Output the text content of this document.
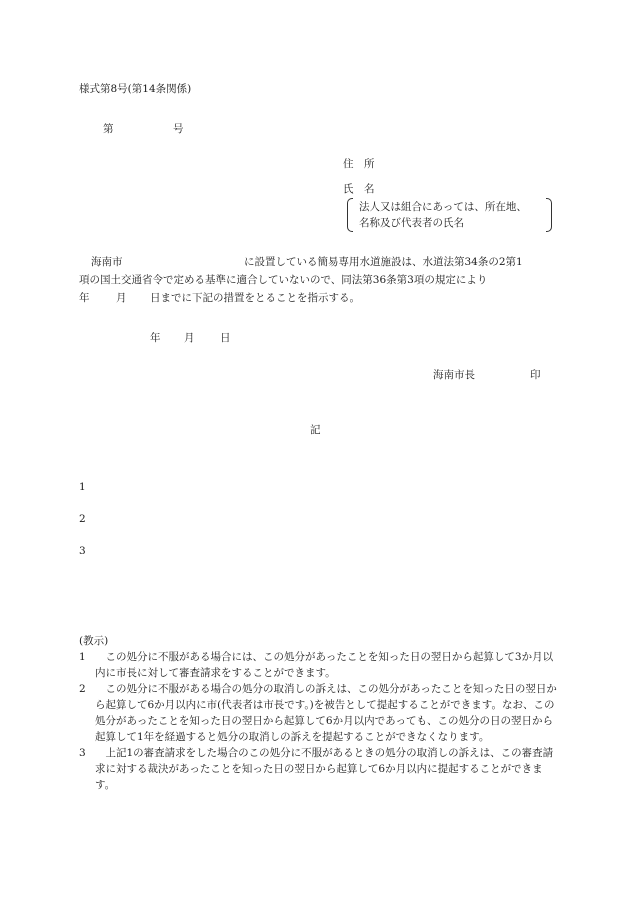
様式第8号(第14条関係)
第	号
住　所
氏　名
法人又は組合にあっては、所在地、
名称及び代表者の氏名
海南市	に設置している簡易専用水道施設は、水道法第34条の2第1
項の国土交通省令で定める基準に適合していないので、同法第36条第3項の規定により
年	月 日までに下記の措置をとることを指示する。
年 月 日
海南市長	印
記
1
2
3
(教示)
1 　この処分に不服がある場合には、この処分があったことを知った日の翌日から起算して3か月以内に市長に対して審査請求をすることができます。
2 　この処分に不服がある場合の処分の取消しの訴えは、この処分があったことを知った日の翌日から起算して6か月以内に市(代表者は市長です。)を被告として提起することができます。なお、この処分があったことを知った日の翌日から起算して6か月以内であっても、この処分の日の翌日から起算して1年を経過すると処分の取消しの訴えを提起することができなくなります。
3 　上記1の審査請求をした場合のこの処分に不服があるときの処分の取消しの訴えは、この審査請求に対する裁決があったことを知った日の翌日から起算して6か月以内に提起することができます。
